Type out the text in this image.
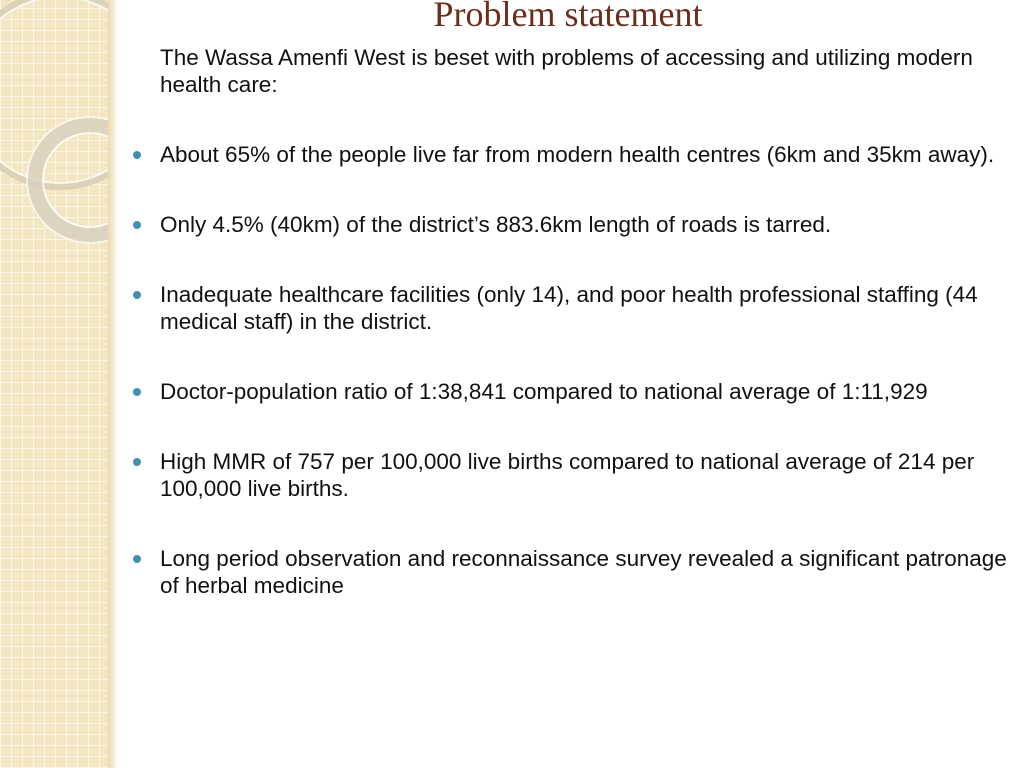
Problem statement

The Wassa Amenfi West is beset with problems of accessing and utilizing modern health care:

About 65% of the people live far from modern health centres (6km and 35km away).
Only 4.5% (40km) of the district’s 883.6km length of roads is tarred.
Inadequate healthcare facilities (only 14), and poor health professional staffing (44 medical staff) in the district.
Doctor-population ratio of 1:38,841 compared to national average of 1:11,929
High MMR of 757 per 100,000 live births compared to national average of 214 per 100,000 live births.
Long period observation and reconnaissance survey revealed a significant patronage of herbal medicine
